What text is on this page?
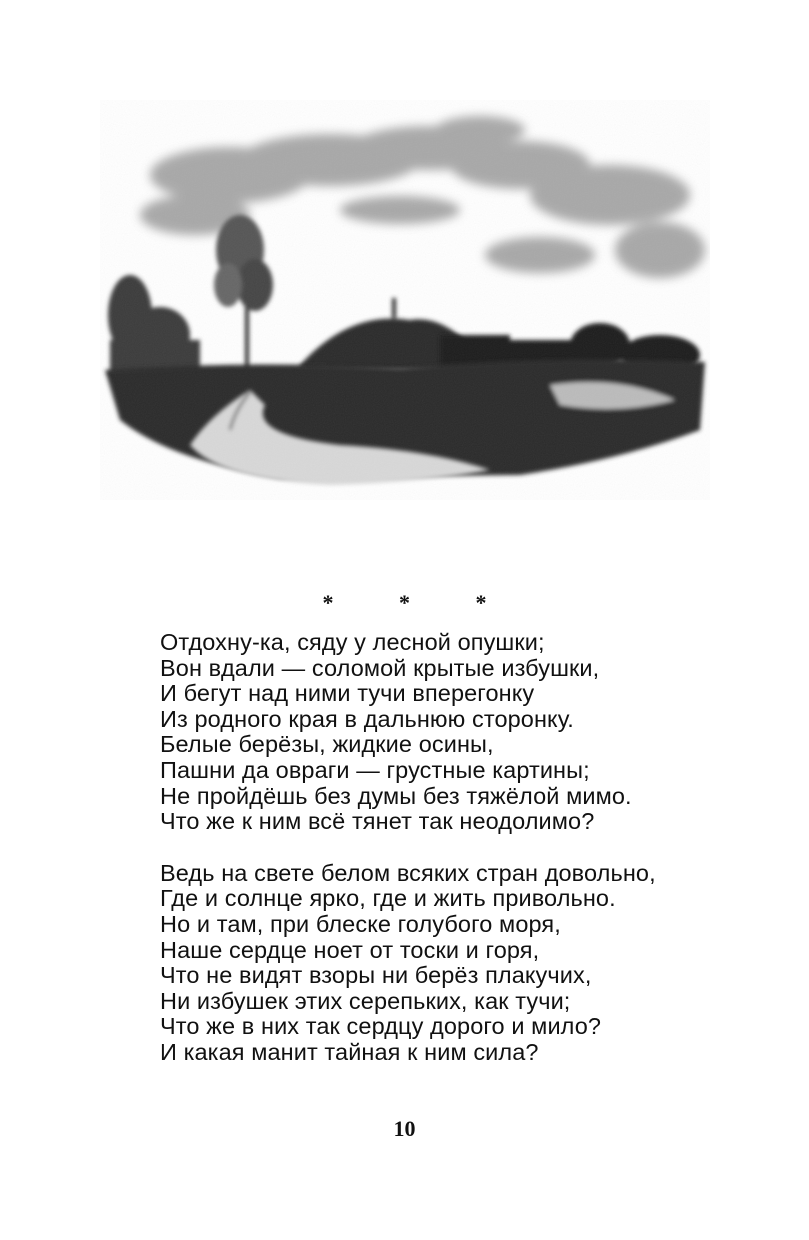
* * *
Отдохну-ка, сяду у лесной опушки;
Вон вдали — соломой крытые избушки,
И бегут над ними тучи вперегонку
Из родного края в дальнюю сторонку.
Белые берёзы, жидкие осины,
Пашни да овраги — грустные картины;
Не пройдёшь без думы без тяжёлой мимо.
Что же к ним всё тянет так неодолимо?
Ведь на свете белом всяких стран довольно,
Где и солнце ярко, где и жить привольно.
Но и там, при блеске голубого моря,
Наше сердце ноет от тоски и горя,
Что не видят взоры ни берёз плакучих,
Ни избушек этих серепьких, как тучи;
Что же в них так сердцу дорого и мило?
И какая манит тайная к ним сила?
10
